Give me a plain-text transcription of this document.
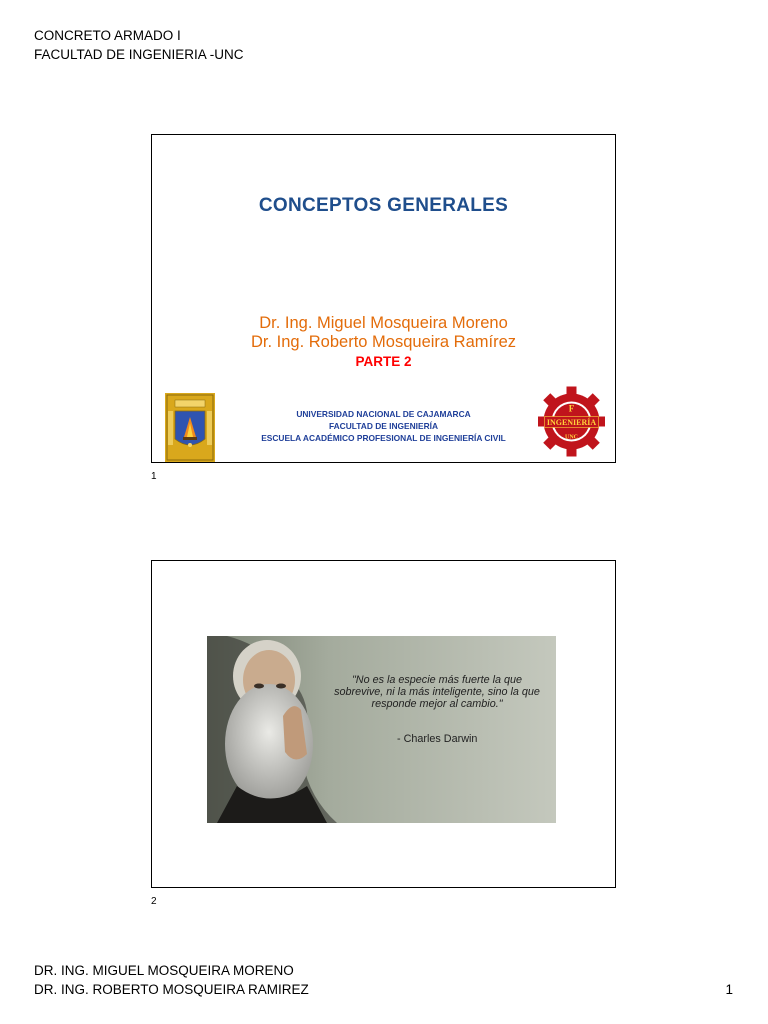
CONCRETO ARMADO I
FACULTAD DE INGENIERIA -UNC
CONCEPTOS GENERALES
Dr. Ing. Miguel Mosqueira Moreno
Dr. Ing. Roberto Mosqueira Ramírez
PARTE 2
UNIVERSIDAD NACIONAL DE CAJAMARCA
FACULTAD DE INGENIERÍA
ESCUELA ACADÉMICO PROFESIONAL DE INGENIERÍA CIVIL
INGENIERÍA
F
UNC
1
"No es la especie más fuerte la que sobrevive, ni la más inteligente, sino la que responde mejor al cambio."
- Charles Darwin
2
DR. ING. MIGUEL MOSQUEIRA MORENO
DR. ING. ROBERTO MOSQUEIRA RAMIREZ	1
